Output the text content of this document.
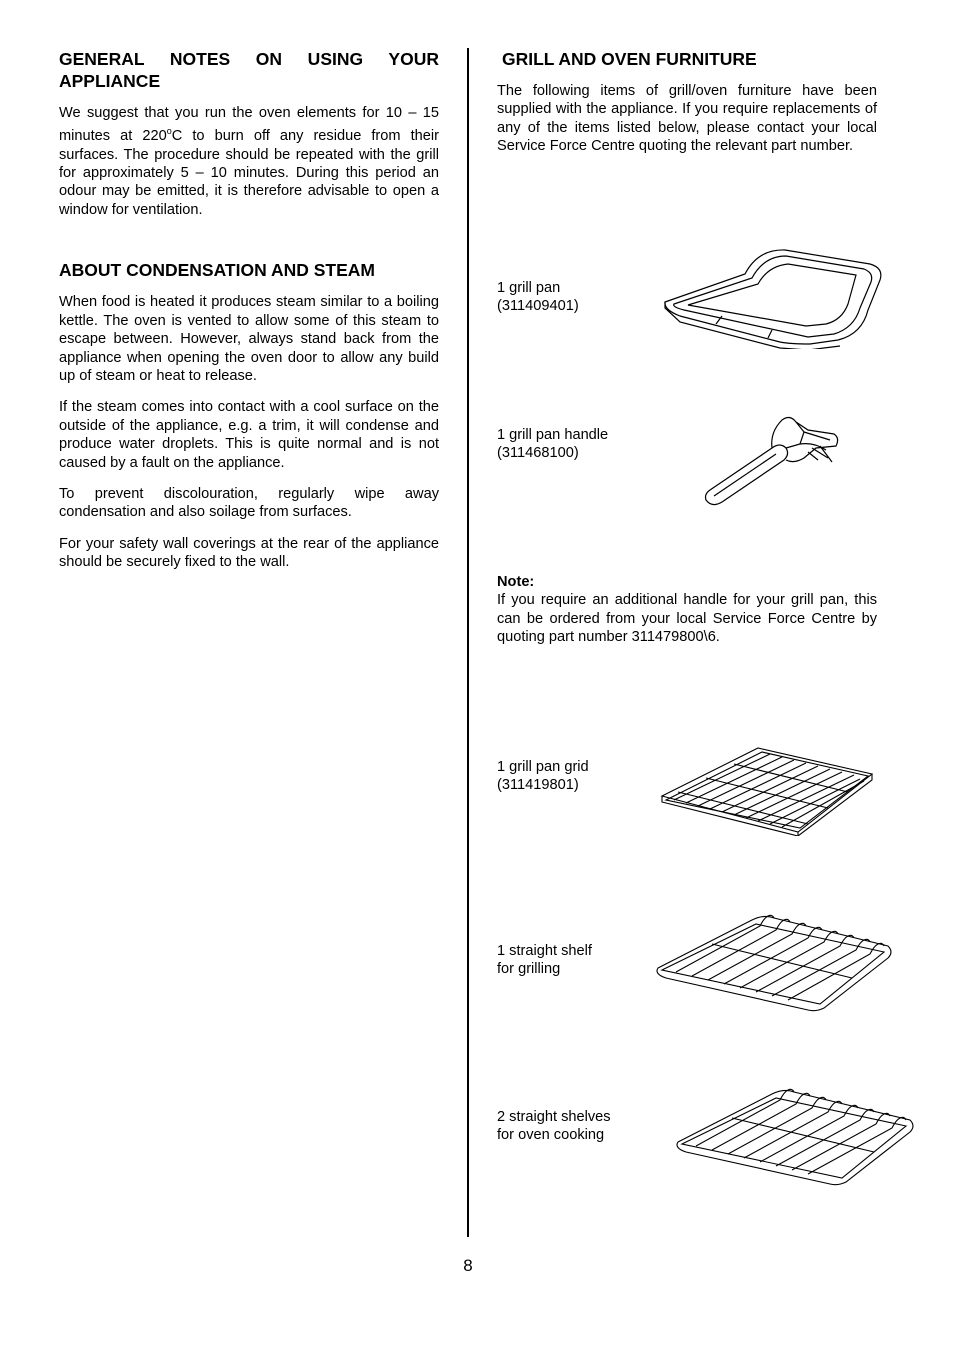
GENERAL NOTES ON USING YOUR
APPLIANCE

We suggest that you run the oven elements for 10 – 15 minutes at 220$^o$C to burn off any residue from their surfaces. The procedure should be repeated with the grill for approximately 5 – 10 minutes. During this period an odour may be emitted, it is therefore advisable to open a window for ventilation.

ABOUT CONDENSATION AND STEAM

When food is heated it produces steam similar to a boiling kettle. The oven is vented to allow some of this steam to escape between. However, always stand back from the appliance when opening the oven door to allow any build up of steam or heat to release.

If the steam comes into contact with a cool surface on the outside of the appliance, e.g. a trim, it will condense and produce water droplets. This is quite normal and is not caused by a fault on the appliance.

To prevent discolouration, regularly wipe away condensation and also soilage from surfaces.

For your safety wall coverings at the rear of the appliance should be securely fixed to the wall.

GRILL AND OVEN FURNITURE

The following items of grill/oven furniture have been supplied with the appliance. If you require replacements of any of the items listed below, please contact your local Service Force Centre quoting the relevant part number.

1 grill pan
(311409401)
1 grill pan handle
(311468100)
Note:

If you require an additional handle for your grill pan, this can be ordered from your local Service Force Centre by quoting part number 311479800\6.

1 grill pan grid
(311419801)
1 straight shelf
for grilling
2 straight shelves
for oven cooking
8
